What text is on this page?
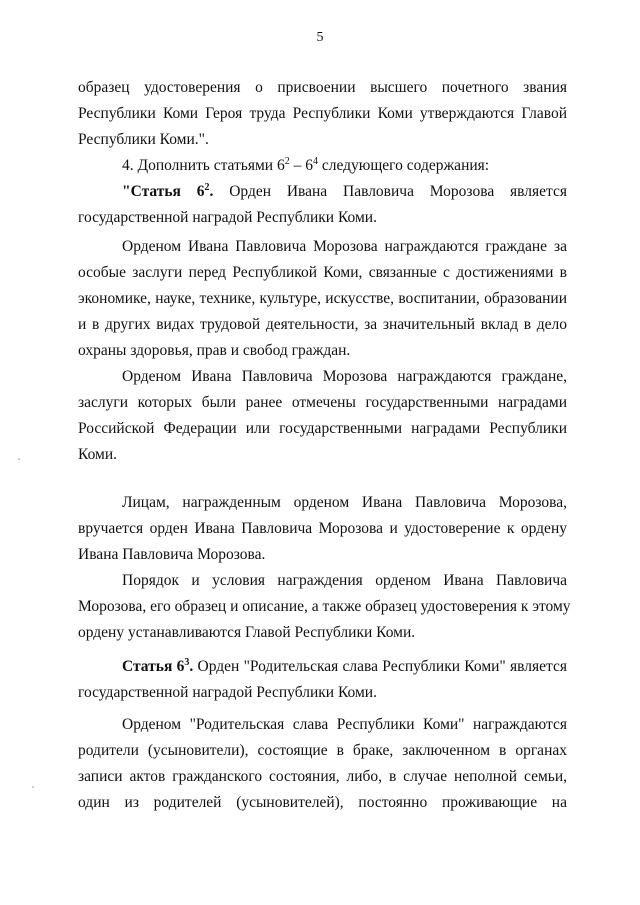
5
образец удостоверения о присвоении высшего почетного звания
Республики Коми Героя труда Республики Коми утверждаются Главой
Республики Коми.".
4. Дополнить статьями $6^2 - 6^4$ следующего содержания:
"Статья $6^2$. Орден Ивана Павловича Морозова является
государственной наградой Республики Коми.
Орденом Ивана Павловича Морозова награждаются граждане за
особые заслуги перед Республикой Коми, связанные с достижениями в
экономике, науке, технике, культуре, искусстве, воспитании, образовании
и в других видах трудовой деятельности, за значительный вклад в дело
охраны здоровья, прав и свобод граждан.
Орденом Ивана Павловича Морозова награждаются граждане,
заслуги которых были ранее отмечены государственными наградами
Российской Федерации или государственными наградами Республики
Коми.
Лицам, награжденным орденом Ивана Павловича Морозова,
вручается орден Ивана Павловича Морозова и удостоверение к ордену
Ивана Павловича Морозова.
Порядок и условия награждения орденом Ивана Павловича
Морозова, его образец и описание, а также образец удостоверения к этому
ордену устанавливаются Главой Республики Коми.
Статья $6^3$. Орден "Родительская слава Республики Коми" является
государственной наградой Республики Коми.
Орденом "Родительская слава Республики Коми" награждаются
родители (усыновители), состоящие в браке, заключенном в органах
записи актов гражданского состояния, либо, в случае неполной семьи,
один из родителей (усыновителей), постоянно проживающие на
